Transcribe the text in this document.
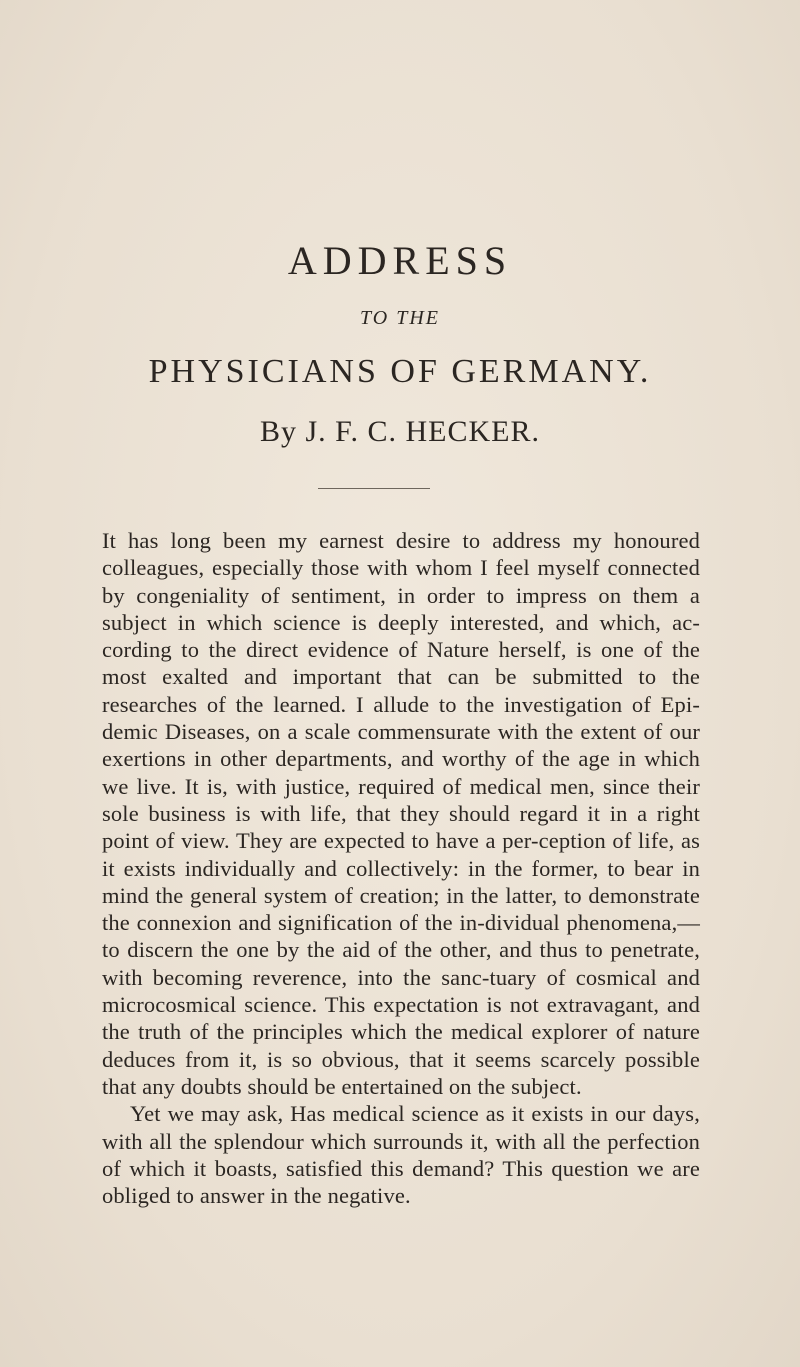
ADDRESS
TO THE
PHYSICIANS OF GERMANY.
By J. F. C. HECKER.

It has long been my earnest desire to address my honoured colleagues, especially those with whom I feel myself connected by congeniality of sentiment, in order to impress on them a subject in which science is deeply interested, and which, ac-cording to the direct evidence of Nature herself, is one of the most exalted and important that can be submitted to the researches of the learned. I allude to the investigation of Epi-demic Diseases, on a scale commensurate with the extent of our exertions in other departments, and worthy of the age in which we live. It is, with justice, required of medical men, since their sole business is with life, that they should regard it in a right point of view. They are expected to have a per-ception of life, as it exists individually and collectively: in the former, to bear in mind the general system of creation; in the latter, to demonstrate the connexion and signification of the in-dividual phenomena,—to discern the one by the aid of the other, and thus to penetrate, with becoming reverence, into the sanc-tuary of cosmical and microcosmical science. This expectation is not extravagant, and the truth of the principles which the medical explorer of nature deduces from it, is so obvious, that it seems scarcely possible that any doubts should be entertained on the subject.

Yet we may ask, Has medical science as it exists in our days, with all the splendour which surrounds it, with all the perfection of which it boasts, satisfied this demand? This question we are obliged to answer in the negative.
